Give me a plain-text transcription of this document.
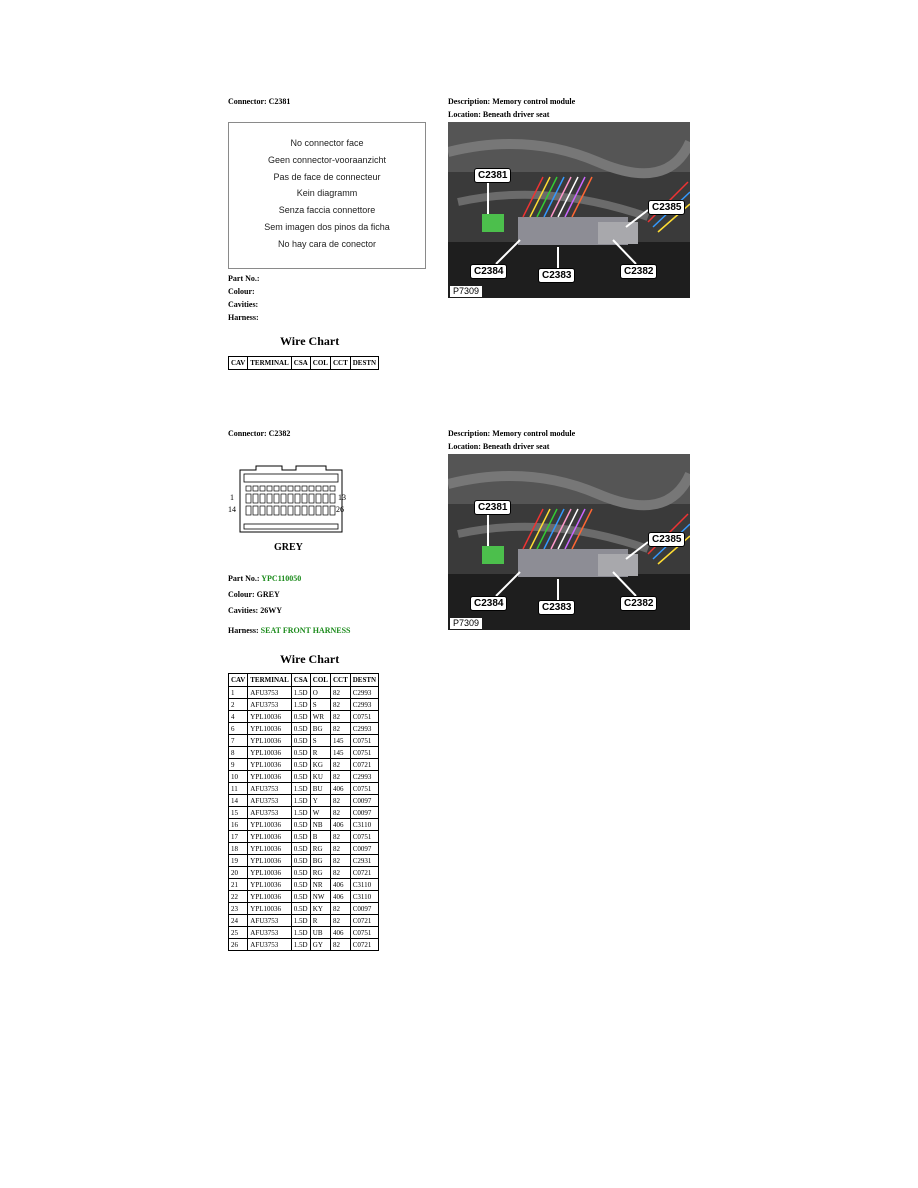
Connector: C2381	Description: Memory control module
Location: Beneath driver seat
No connector face
Geen connector-vooraanzicht
Pas de face de connecteur
Kein diagramm
Senza faccia connettore
Sem imagen dos pinos da ficha
No hay cara de conector
Part No.:
Colour:
Cavities:
Harness:
Wire Chart
CAV	TERMINAL	CSA	COL	CCT	DESTN
C2381
C2385
C2384	C2383	C2382
P7309
Connector: C2382	Description: Memory control module
Location: Beneath driver seat
1
14
13
26
GREY
Part No.: YPC110050
Colour: GREY
Cavities: 26WY
Harness: SEAT FRONT HARNESS
C2381
C2385
C2384	C2383	C2382
P7309
Wire Chart
CAV	TERMINAL	CSA	COL	CCT	DESTN
1	AFU3753	1.5D	O	82	C2993
2	AFU3753	1.5D	S	82	C2993
4	YPL10036	0.5D	WR	82	C0751
6	YPL10036	0.5D	BG	82	C2993
7	YPL10036	0.5D	S	145	C0751
8	YPL10036	0.5D	R	145	C0751
9	YPL10036	0.5D	KG	82	C0721
10	YPL10036	0.5D	KU	82	C2993
11	AFU3753	1.5D	BU	406	C0751
14	AFU3753	1.5D	Y	82	C0097
15	AFU3753	1.5D	W	82	C0097
16	YPL10036	0.5D	NB	406	C3110
17	YPL10036	0.5D	B	82	C0751
18	YPL10036	0.5D	RG	82	C0097
19	YPL10036	0.5D	BG	82	C2931
20	YPL10036	0.5D	RG	82	C0721
21	YPL10036	0.5D	NR	406	C3110
22	YPL10036	0.5D	NW	406	C3110
23	YPL10036	0.5D	KY	82	C0097
24	AFU3753	1.5D	R	82	C0721
25	AFU3753	1.5D	UB	406	C0751
26	AFU3753	1.5D	GY	82	C0721
